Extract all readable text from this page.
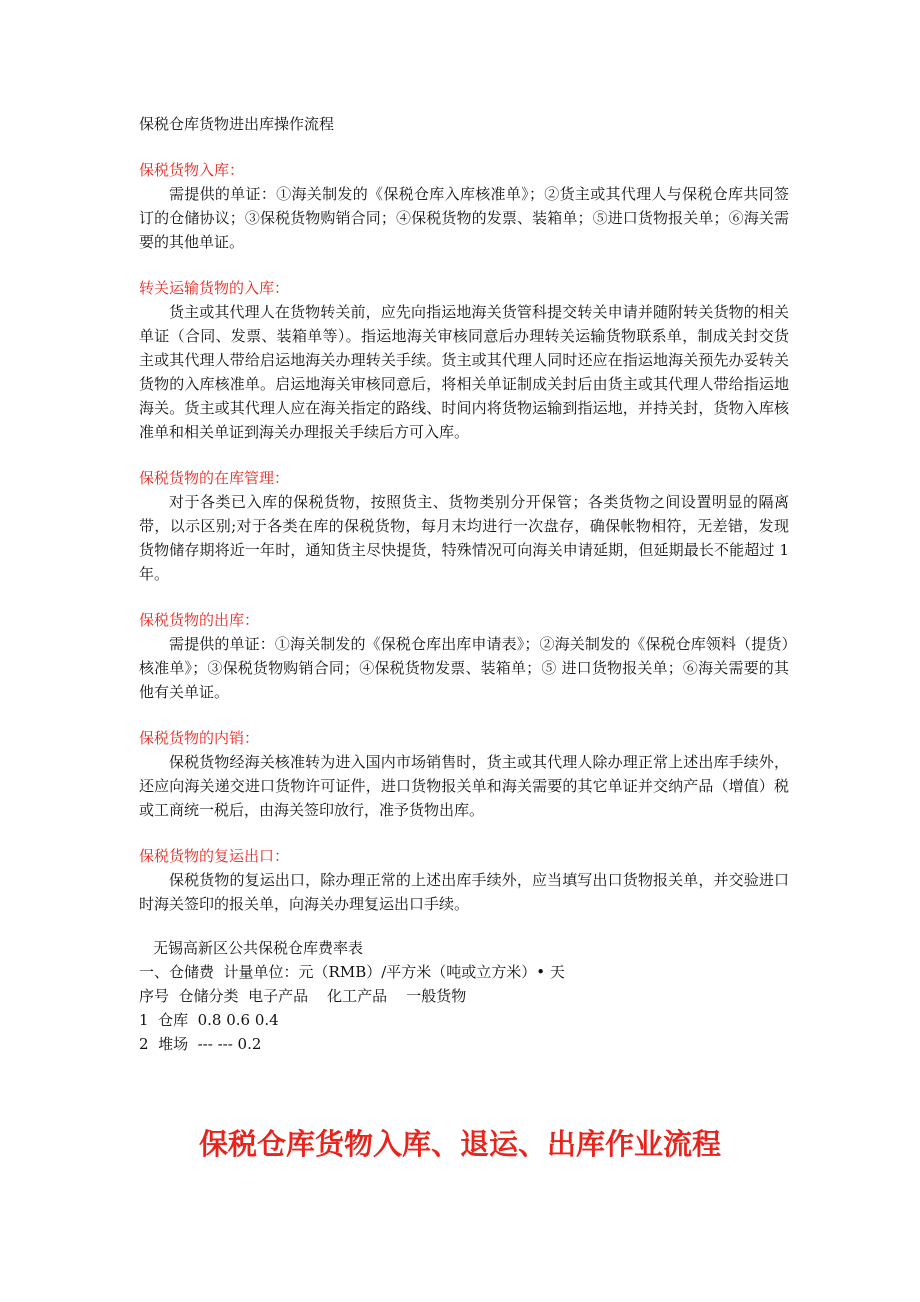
保税仓库货物进出库操作流程

保税货物入库：

需提供的单证：①海关制发的《保税仓库入库核准单》；②货主或其代理人与保税仓库共同签订的仓储协议；③保税货物购销合同；④保税货物的发票、装箱单；⑤进口货物报关单；⑥海关需要的其他单证。

转关运输货物的入库：

货主或其代理人在货物转关前，应先向指运地海关货管科提交转关申请并随附转关货物的相关单证（合同、发票、装箱单等）。指运地海关审核同意后办理转关运输货物联系单，制成关封交货主或其代理人带给启运地海关办理转关手续。货主或其代理人同时还应在指运地海关预先办妥转关货物的入库核准单。启运地海关审核同意后，将相关单证制成关封后由货主或其代理人带给指运地海关。货主或其代理人应在海关指定的路线、时间内将货物运输到指运地，并持关封，货物入库核准单和相关单证到海关办理报关手续后方可入库。

保税货物的在库管理：

对于各类已入库的保税货物，按照货主、货物类别分开保管；各类货物之间设置明显的隔离带，以示区别;对于各类在库的保税货物，每月末均进行一次盘存，确保帐物相符，无差错，发现货物储存期将近一年时，通知货主尽快提货，特殊情况可向海关申请延期，但延期最长不能超过 1 年。

保税货物的出库：

需提供的单证：①海关制发的《保税仓库出库申请表》；②海关制发的《保税仓库领料（提货）核准单》；③保税货物购销合同；④保税货物发票、装箱单；⑤ 进口货物报关单；⑥海关需要的其他有关单证。

保税货物的内销：

保税货物经海关核准转为进入国内市场销售时，货主或其代理人除办理正常上述出库手续外，还应向海关递交进口货物许可证件，进口货物报关单和海关需要的其它单证并交纳产品（增值）税或工商统一税后，由海关签印放行，准予货物出库。

保税货物的复运出口：

保税货物的复运出口，除办理正常的上述出库手续外，应当填写出口货物报关单，并交验进口时海关签印的报关单，向海关办理复运出口手续。

无锡高新区公共保税仓库费率表
一、仓储费  计量单位：元（RMB）/平方米（吨或立方米）• 天
序号  仓储分类  电子产品    化工产品    一般货物
1  仓库  0.8 0.6 0.4
2  堆场  --- --- 0.2
保税仓库货物入库、退运、出库作业流程
